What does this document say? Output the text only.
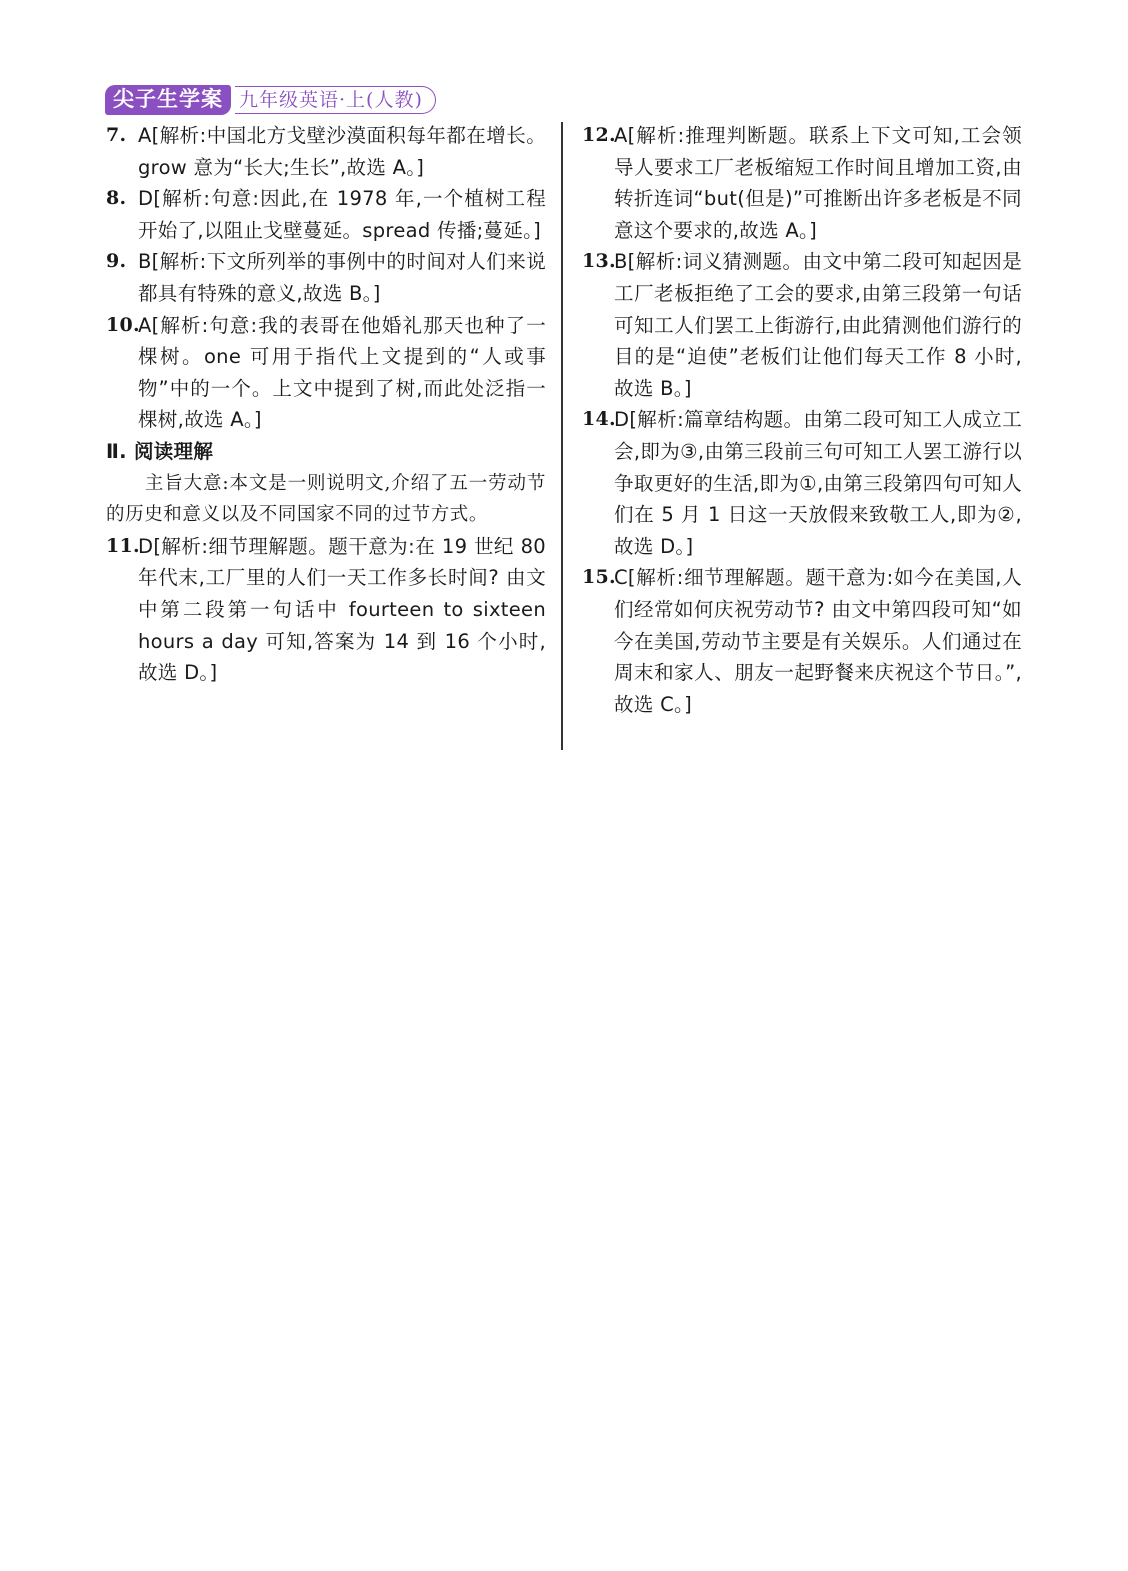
尖子生学案 九年级英语·上(人教)
7. A[解析:中国北方戈壁沙漠面积每年都在增长。grow 意为“长大;生长”,故选 A。]
8. D[解析:句意:因此,在 1978 年,一个植树工程开始了,以阻止戈壁蔓延。spread 传播;蔓延。]
9. B[解析:下文所列举的事例中的时间对人们来说都具有特殊的意义,故选 B。]
10.
A[解析:句意:我的表哥在他婚礼那天也种了一棵树。one 可用于指代上文提到的“人或事物”中的一个。上文中提到了树,而此处泛指一棵树,故选 A。]
Ⅱ. 阅读理解
主旨大意:本文是一则说明文,介绍了五一劳动节的历史和意义以及不同国家不同的过节方式。
11.
D[解析:细节理解题。题干意为:在 19 世纪 80 年代末,工厂里的人们一天工作多长时间? 由文中第二段第一句话中 fourteen to sixteen hours a day 可知,答案为 14 到 16 个小时,故选 D。]
12.
A[解析:推理判断题。联系上下文可知,工会领导人要求工厂老板缩短工作时间且增加工资,由转折连词“but(但是)”可推断出许多老板是不同意这个要求的,故选 A。]
13.
B[解析:词义猜测题。由文中第二段可知起因是工厂老板拒绝了工会的要求,由第三段第一句话可知工人们罢工上街游行,由此猜测他们游行的目的是“迫使”老板们让他们每天工作 8 小时,故选 B。]
14.
D[解析:篇章结构题。由第二段可知工人成立工会,即为③,由第三段前三句可知工人罢工游行以争取更好的生活,即为①,由第三段第四句可知人们在 5 月 1 日这一天放假来致敬工人,即为②,故选 D。]
15.
C[解析:细节理解题。题干意为:如今在美国,人们经常如何庆祝劳动节? 由文中第四段可知“如今在美国,劳动节主要是有关娱乐。人们通过在周末和家人、朋友一起野餐来庆祝这个节日。”,故选 C。]
